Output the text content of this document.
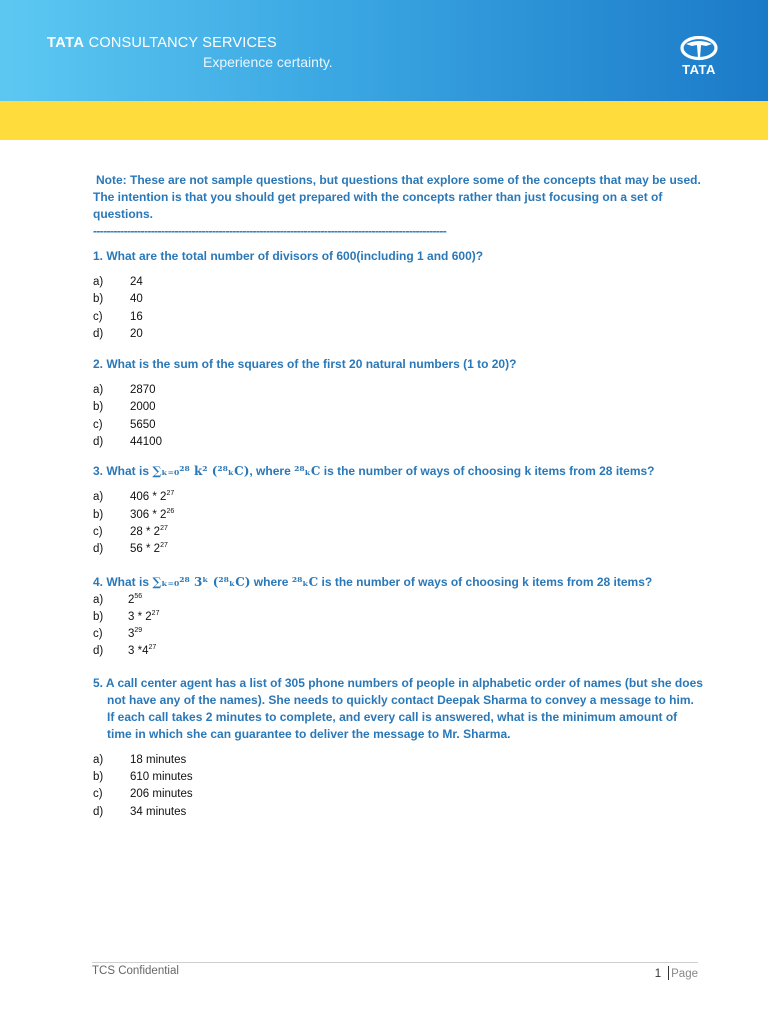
TATA CONSULTANCY SERVICES
Experience certainty.	TATA

Note: These are not sample questions, but questions that explore some of the concepts that may be used. The intention is that you should get prepared with the concepts rather than just focusing on a set of questions.

--------------------------------------------------------------------------------------------------------

1. What are the total number of divisors of 600(including 1 and 600)?

a) 24
b) 40
c) 16
d) 20

2. What is the sum of the squares of the first 20 natural numbers (1 to 20)?

a) 2870
b) 2000
c) 5650
d) 44100

3. What is ∑ₖ₌₀²⁸ k² (²⁸ₖC), where ²⁸ₖC is the number of ways of choosing k items from 28 items?

a) $406 * 2^{27}$
b) $306 * 2^{26}$
c) $28 * 2^{27}$
d) $56 * 2^{27}$

4. What is ∑ₖ₌₀²⁸ 3ᵏ (²⁸ₖC) where ²⁸ₖC is the number of ways of choosing k items from 28 items?

a) $2^{56}$
b) $3 * 2^{27}$
c) $3^{29}$
d) 3 $*4^{27}$

5. A call center agent has a list of 305 phone numbers of people in alphabetic order of names (but she does not have any of the names). She needs to quickly contact Deepak Sharma to convey a message to him. If each call takes 2 minutes to complete, and every call is answered, what is the minimum amount of time in which she can guarantee to deliver the message to Mr. Sharma.

a) 18 minutes
b) 610 minutes
c) 206 minutes
d) 34 minutes
TCS Confidential	1 Page
